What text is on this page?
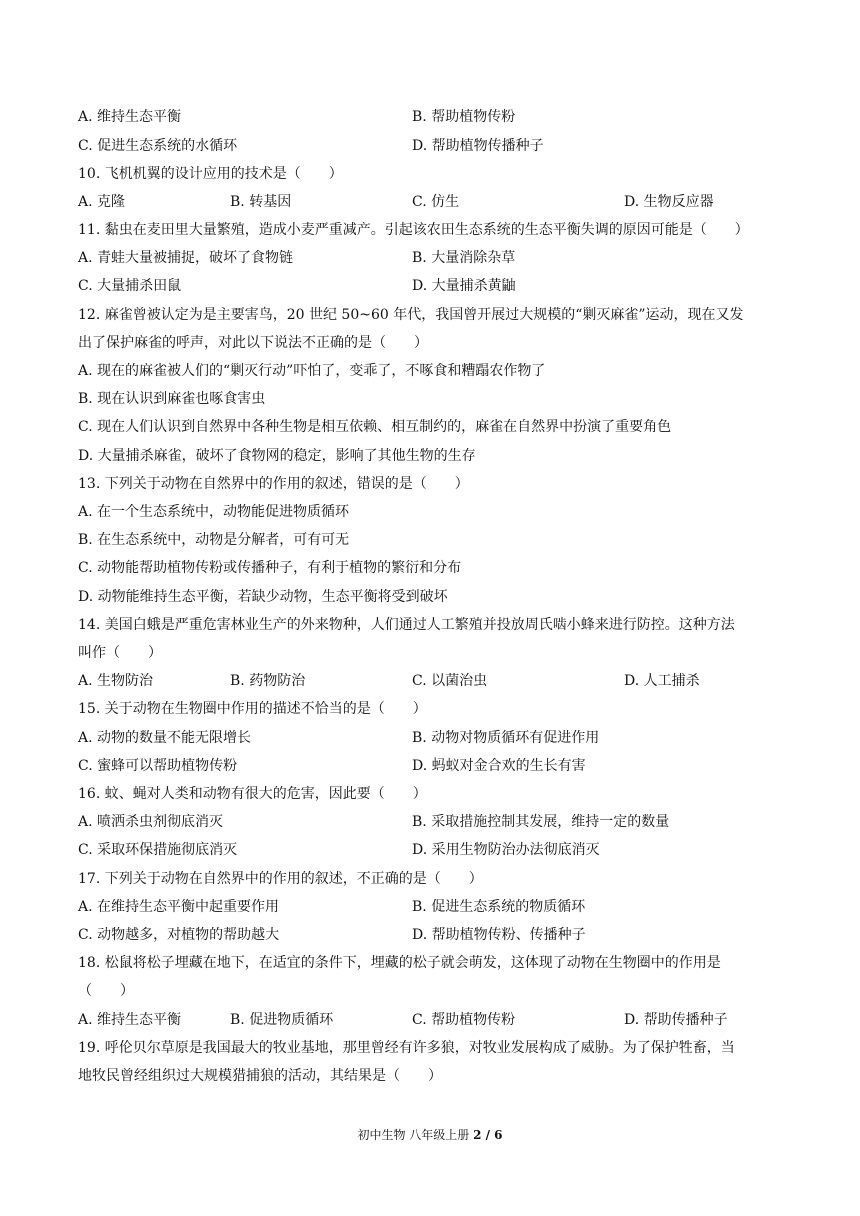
A. 维持生态平衡	B. 帮助植物传粉
C. 促进生态系统的水循环	D. 帮助植物传播种子
10. 飞机机翼的设计应用的技术是（　　）
A. 克隆	B. 转基因	C. 仿生	D. 生物反应器
11. 黏虫在麦田里大量繁殖，造成小麦严重减产。引起该农田生态系统的生态平衡失调的原因可能是（　　）
A. 青蛙大量被捕捉，破坏了食物链	B. 大量消除杂草
C. 大量捕杀田鼠	D. 大量捕杀黄鼬
12. 麻雀曾被认定为是主要害鸟，20 世纪 50~60 年代，我国曾开展过大规模的“剿灭麻雀”运动，现在又发
出了保护麻雀的呼声，对此以下说法不正确的是（　　）
A. 现在的麻雀被人们的“剿灭行动”吓怕了，变乖了，不啄食和糟蹋农作物了
B. 现在认识到麻雀也啄食害虫
C. 现在人们认识到自然界中各种生物是相互依赖、相互制约的，麻雀在自然界中扮演了重要角色
D. 大量捕杀麻雀，破坏了食物网的稳定，影响了其他生物的生存
13. 下列关于动物在自然界中的作用的叙述，错误的是（　　）
A. 在一个生态系统中，动物能促进物质循环
B. 在生态系统中，动物是分解者，可有可无
C. 动物能帮助植物传粉或传播种子，有利于植物的繁衍和分布
D. 动物能维持生态平衡，若缺少动物，生态平衡将受到破坏
14. 美国白蛾是严重危害林业生产的外来物种，人们通过人工繁殖并投放周氏啮小蜂来进行防控。这种方法
叫作（　　）
A. 生物防治	B. 药物防治	C. 以菌治虫	D. 人工捕杀
15. 关于动物在生物圈中作用的描述不恰当的是（　　）
A. 动物的数量不能无限增长	B. 动物对物质循环有促进作用
C. 蜜蜂可以帮助植物传粉	D. 蚂蚁对金合欢的生长有害
16. 蚊、蝇对人类和动物有很大的危害，因此要（　　）
A. 喷洒杀虫剂彻底消灭	B. 采取措施控制其发展，维持一定的数量
C. 采取环保措施彻底消灭	D. 采用生物防治办法彻底消灭
17. 下列关于动物在自然界中的作用的叙述，不正确的是（　　）
A. 在维持生态平衡中起重要作用	B. 促进生态系统的物质循环
C. 动物越多，对植物的帮助越大	D. 帮助植物传粉、传播种子
18. 松鼠将松子埋藏在地下，在适宜的条件下，埋藏的松子就会萌发，这体现了动物在生物圈中的作用是
（　　）
A. 维持生态平衡	B. 促进物质循环	C. 帮助植物传粉	D. 帮助传播种子
19. 呼伦贝尔草原是我国最大的牧业基地，那里曾经有许多狼，对牧业发展构成了威胁。为了保护牲畜，当
地牧民曾经组织过大规模猎捕狼的活动，其结果是（　　）
初中生物 八年级上册 2 / 6
